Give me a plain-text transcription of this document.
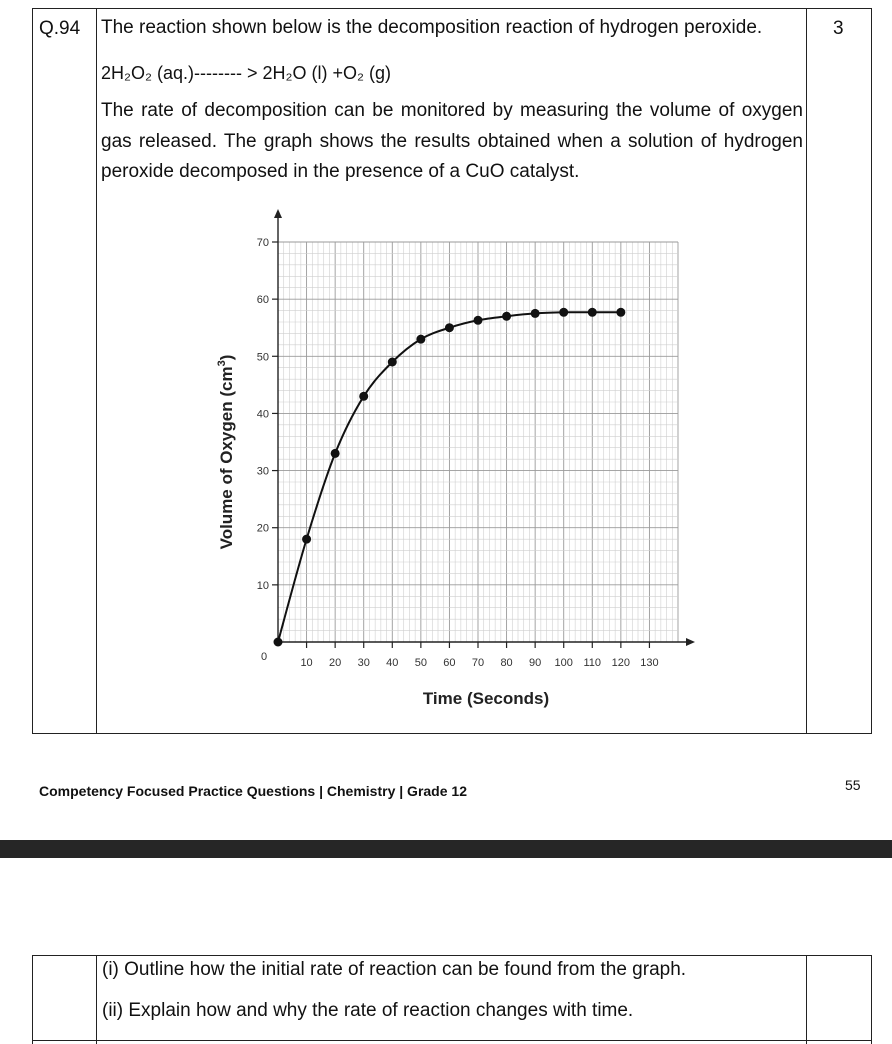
Q.94	3
The reaction shown below is the decomposition reaction of hydrogen peroxide.
2H₂O₂ (aq.)-------- > 2H₂O (l) +O₂ (g)
The rate of decomposition can be monitored by measuring the volume of oxygen gas released. The graph shows the results obtained when a solution of hydrogen peroxide decomposed in the presence of a CuO catalyst.
10
20
30
40
50
60
70
10 20 30 40 50 60 70 80 90 100 110 120 130
0
Time (Seconds)
Volume of Oxygen $(cm^3)$
Competency Focused Practice Questions | Chemistry | Grade 12	55
(i) Outline how the initial rate of reaction can be found from the graph.
(ii) Explain how and why the rate of reaction changes with time.
